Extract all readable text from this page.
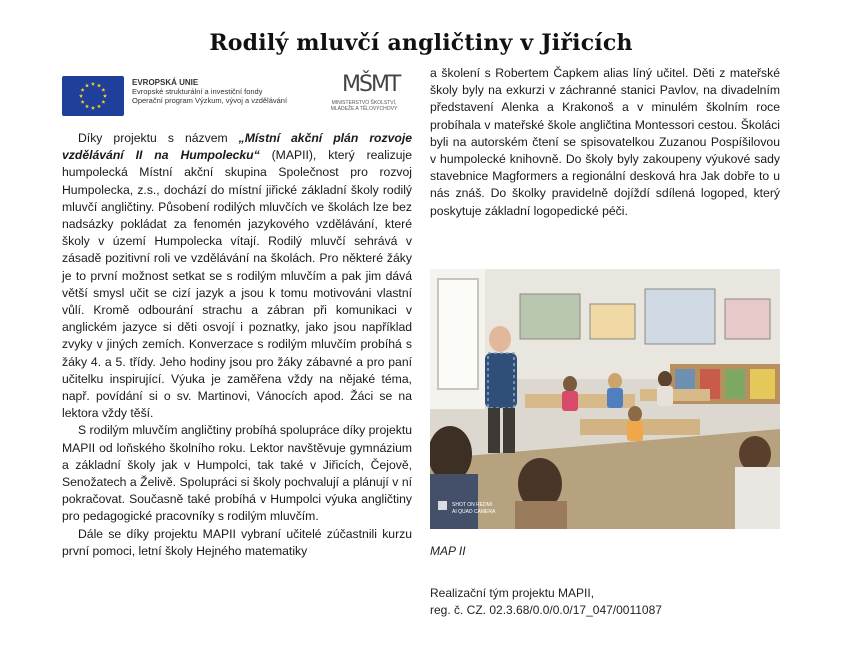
Rodilý mluvčí angličtiny v Jiřicích
EVROPSKÁ UNIE
Evropské strukturální a investiční fondy
Operační program Výzkum, vývoj a vzdělávání
MŠMT
MINISTERSTVO ŠKOLSTVÍ,
MLÁDEŽE A TĚLOVÝCHOVY

Díky projektu s názvem „Místní akční plán rozvoje vzdělávání II na Humpolecku“ (MAPII), který realizuje humpolecká Místní akční skupina Společnost pro rozvoj Humpolecka, z.s., dochází do místní jiřické základní školy rodilý mluvčí angličtiny. Působení rodilých mluvčích ve školách lze bez nadsázky pokládat za fenomén jazykového vzdělávání, které školy v území Humpolecka vítají. Rodilý mluvčí sehrává v zásadě pozitivní roli ve vzdělávání na školách. Pro některé žáky je to první možnost setkat se s rodilým mluvčím a pak jim dává větší smysl učit se cizí jazyk a jsou k tomu motivováni vlastní vůlí. Kromě odbourání strachu a zábran při komunikaci v anglickém jazyce si děti osvojí i poznatky, jako jsou například zvyky v jiných zemích. Konverzace s rodilým mluvčím probíhá s žáky 4. a 5. třídy. Jeho hodiny jsou pro žáky zábavné a pro paní učitelku inspirující. Výuka je zaměřena vždy na nějaké téma, např. povídání si o sv. Martinovi, Vánocích apod. Žáci se na lektora vždy těší.

S rodilým mluvčím angličtiny probíhá spolupráce díky projektu MAPII od loňského školního roku. Lektor navštěvuje gymnázium a základní školy jak v Humpolci, tak také v Jiřicích, Čejově, Senožatech a Želivě. Spolupráci si školy pochvalují a plánují v ní pokračovat. Současně také probíhá v Humpolci výuka angličtiny pro pedagogické pracovníky s rodilým mluvčím.

Dále se díky projektu MAPII vybraní učitelé zúčastnili kurzu první pomoci, letní školy Hejného matematiky

a školení s Robertem Čapkem alias líný učitel. Děti z mateřské školy byly na exkurzi v záchranné stanici Pavlov, na divadelním představení Alenka a Krakonoš a v minulém školním roce probíhala v mateřské škole angličtina Montessori cestou. Školáci byli na autorském čtení se spisovatelkou Zuzanou Pospíšilovou v humpolecké knihovně. Do školy byly zakoupeny výukové sady stavebnice Magformers a regionální desková hra Jak dobře to u nás znáš. Do školky pravidelně dojíždí sdílená logoped, který poskytuje základní logopedické péči.

SHOT ON REDMI
AI QUAD CAMERA
MAP II
Realizační tým projektu MAPII,
reg. č. CZ. 02.3.68/0.0/0.0/17_047/0011087
